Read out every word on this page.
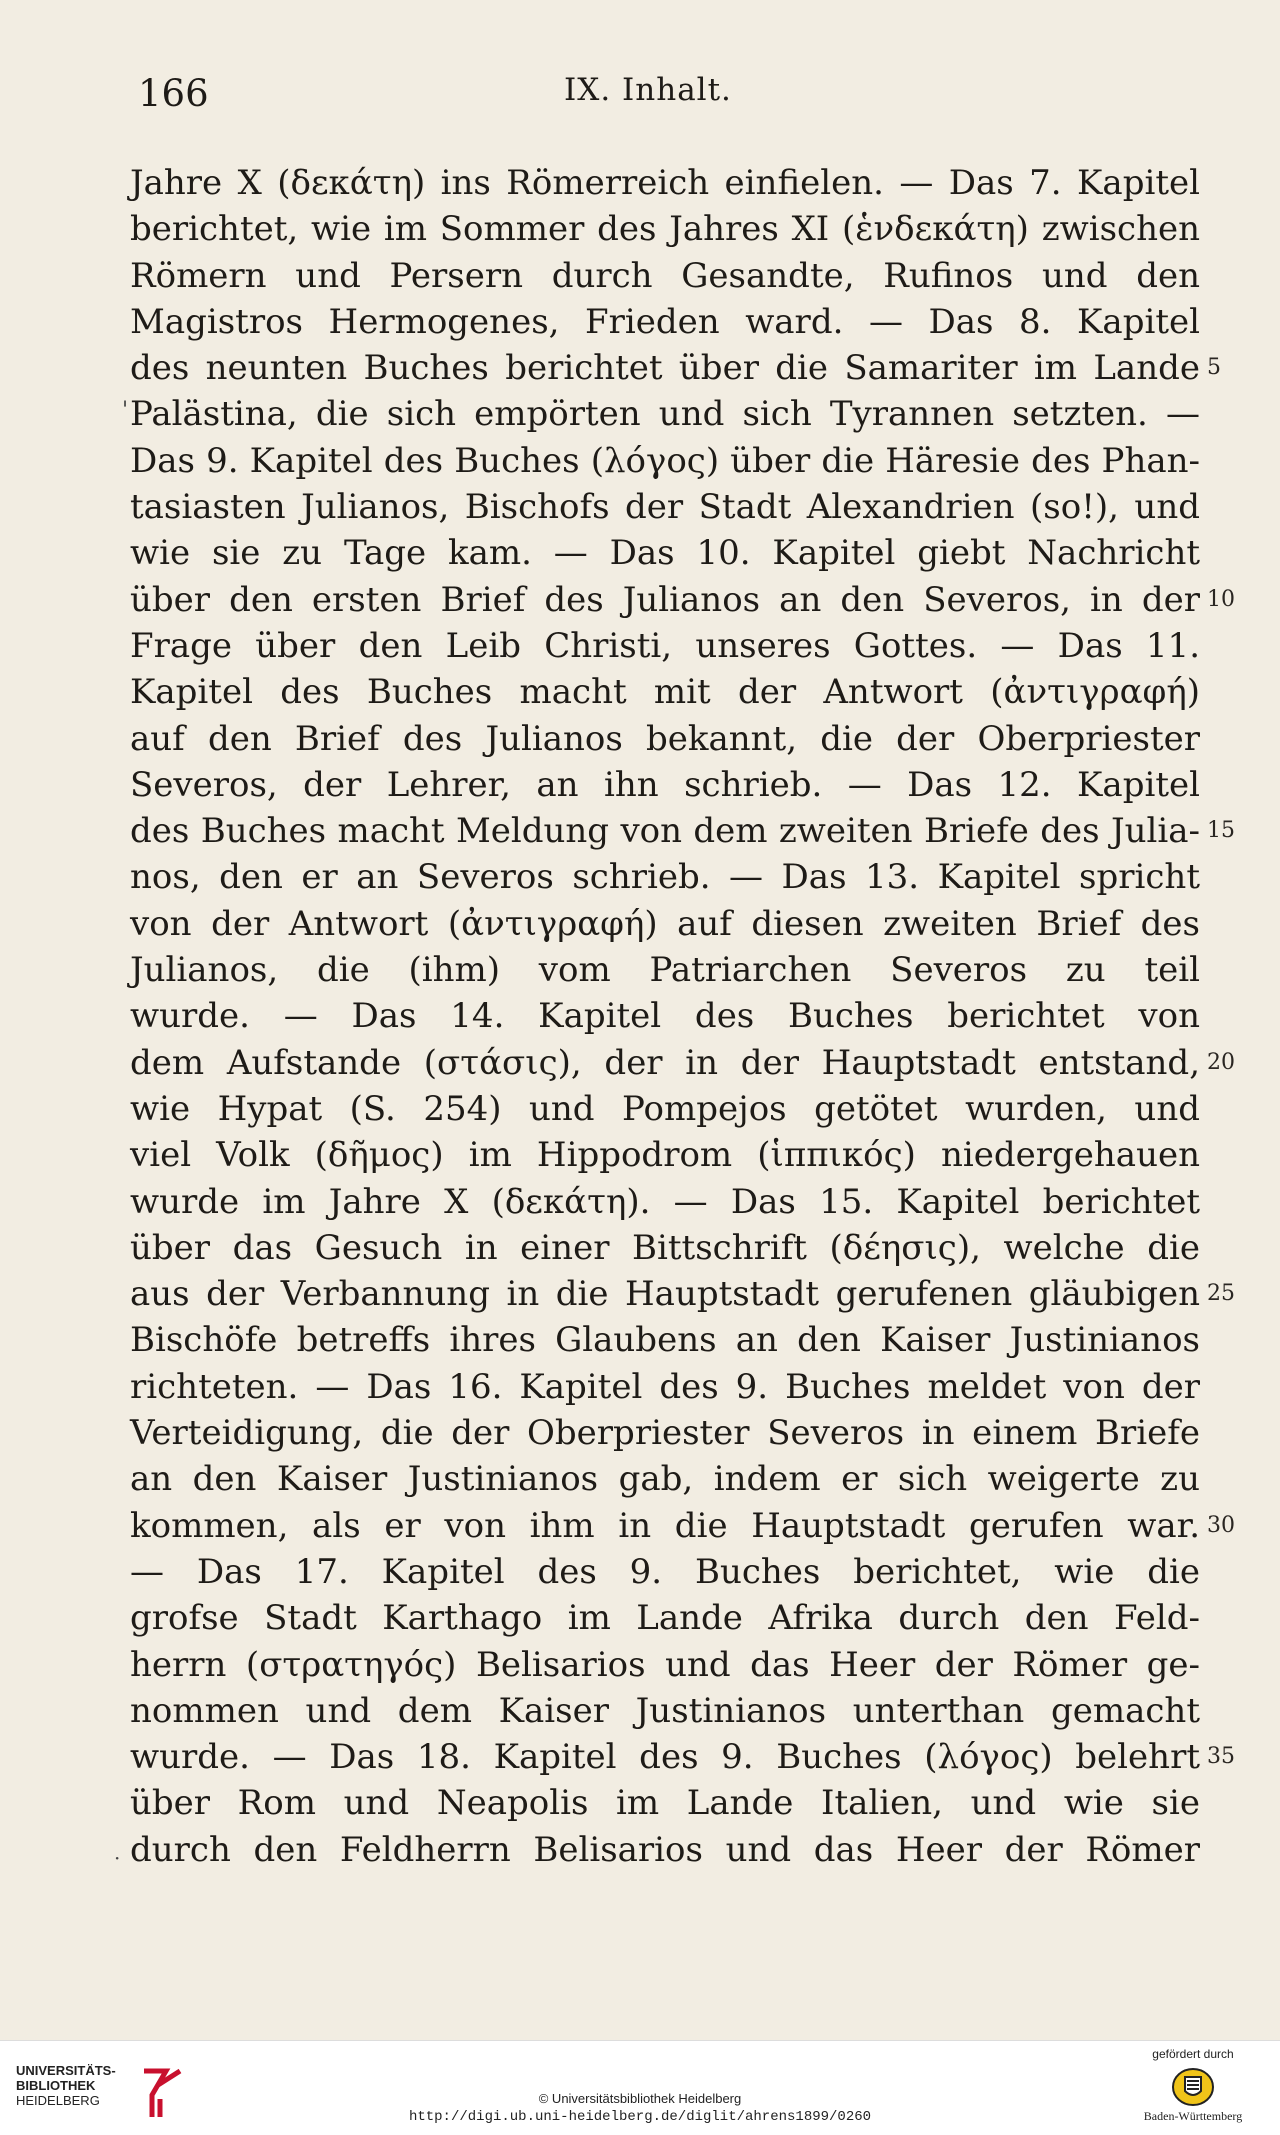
166	IX. Inhalt.
'
·
Jahre X (δεκάτη) ins Römerreich einfielen. — Das 7. Kapitel
berichtet, wie im Sommer des Jahres XI (ἑνδεκάτη) zwischen
Römern und Persern durch Gesandte, Rufinos und den
Magistros Hermogenes, Frieden ward. — Das 8. Kapitel
des neunten Buches berichtet über die Samariter im Lande 5
Palästina, die sich empörten und sich Tyrannen setzten. —
Das 9. Kapitel des Buches (λόγος) über die Häresie des Phan-
tasiasten Julianos, Bischofs der Stadt Alexandrien (so!), und
wie sie zu Tage kam. — Das 10. Kapitel giebt Nachricht
über den ersten Brief des Julianos an den Severos, in der 10
Frage über den Leib Christi, unseres Gottes. — Das 11.
Kapitel des Buches macht mit der Antwort (ἀντιγραφή)
auf den Brief des Julianos bekannt, die der Oberpriester
Severos, der Lehrer, an ihn schrieb. — Das 12. Kapitel
des Buches macht Meldung von dem zweiten Briefe des Julia- 15
nos, den er an Severos schrieb. — Das 13. Kapitel spricht
von der Antwort (ἀντιγραφή) auf diesen zweiten Brief des
Julianos, die (ihm) vom Patriarchen Severos zu teil
wurde. — Das 14. Kapitel des Buches berichtet von
dem Aufstande (στάσις), der in der Hauptstadt entstand, 20
wie Hypat (S. 254) und Pompejos getötet wurden, und
viel Volk (δῆμος) im Hippodrom (ἱππικός) niedergehauen
wurde im Jahre X (δεκάτη). — Das 15. Kapitel berichtet
über das Gesuch in einer Bittschrift (δέησις), welche die
aus der Verbannung in die Hauptstadt gerufenen gläubigen 25
Bischöfe betreffs ihres Glaubens an den Kaiser Justinianos
richteten. — Das 16. Kapitel des 9. Buches meldet von der
Verteidigung, die der Oberpriester Severos in einem Briefe
an den Kaiser Justinianos gab, indem er sich weigerte zu
kommen, als er von ihm in die Hauptstadt gerufen war. 30
— Das 17. Kapitel des 9. Buches berichtet, wie die
grofse Stadt Karthago im Lande Afrika durch den Feld-
herrn (στρατηγός) Belisarios und das Heer der Römer ge-
nommen und dem Kaiser Justinianos unterthan gemacht
wurde. — Das 18. Kapitel des 9. Buches (λόγος) belehrt 35
über Rom und Neapolis im Lande Italien, und wie sie
durch den Feldherrn Belisarios und das Heer der Römer
UNIVERSITÄTS-
BIBLIOTHEK
HEIDELBERG	© Universitätsbibliothek Heidelberg
http://digi.ub.uni-heidelberg.de/diglit/ahrens1899/0260
gefördert durch
Baden-Württemberg
